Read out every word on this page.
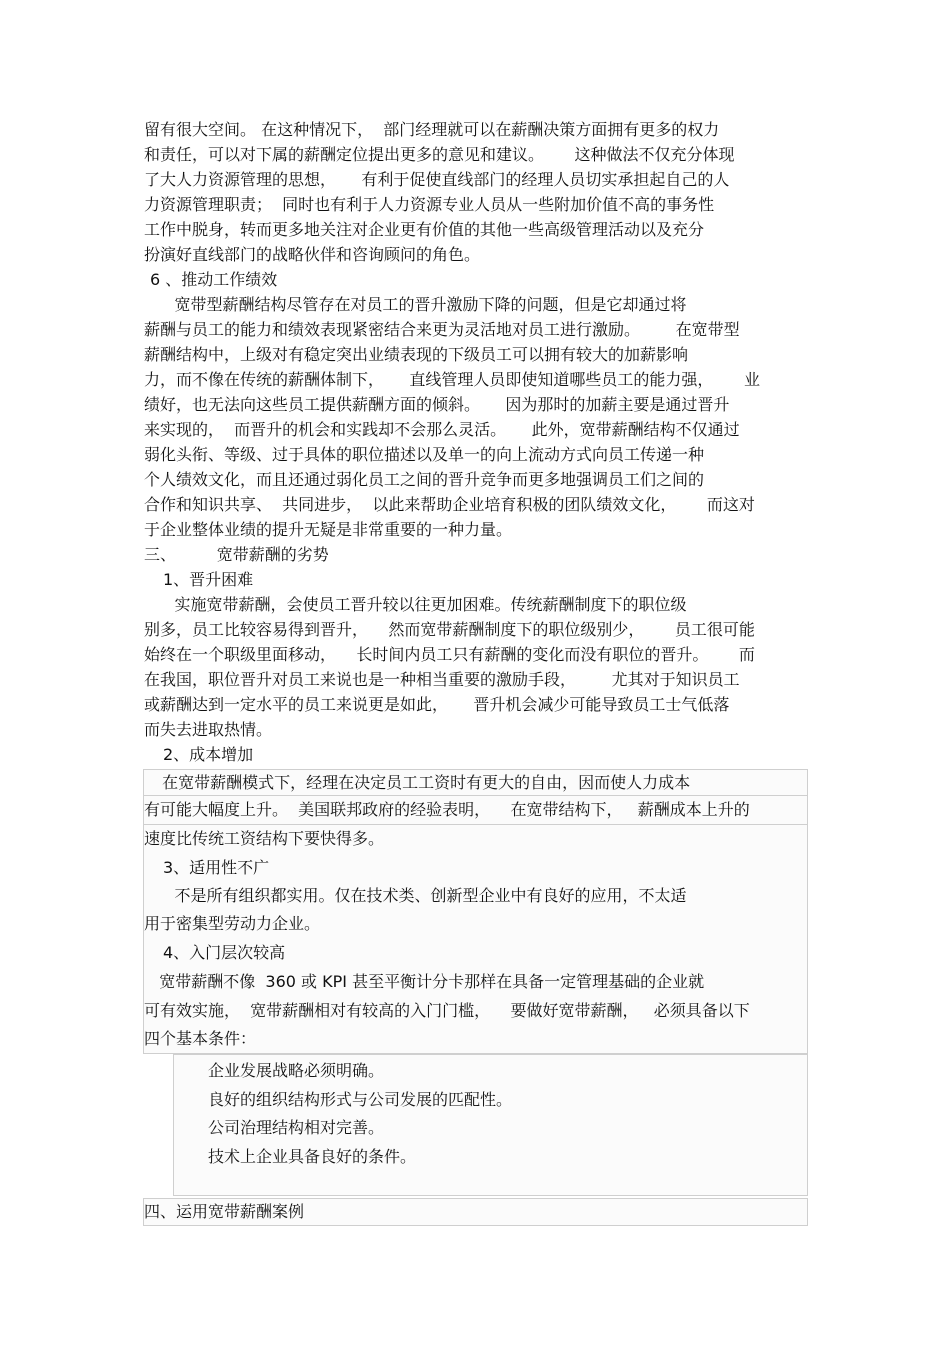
留有很大空间。 在这种情况下，  部门经理就可以在薪酬决策方面拥有更多的权力

和责任，可以对下属的薪酬定位提出更多的意见和建议。      这种做法不仅充分体现

了大人力资源管理的思想，     有利于促使直线部门的经理人员切实承担起自己的人

力资源管理职责；  同时也有利于人力资源专业人员从一些附加价值不高的事务性

工作中脱身，转而更多地关注对企业更有价值的其他一些高级管理活动以及充分

扮演好直线部门的战略伙伴和咨询顾问的角色。

6 、推动工作绩效

宽带型薪酬结构尽管存在对员工的晋升激励下降的问题，但是它却通过将

薪酬与员工的能力和绩效表现紧密结合来更为灵活地对员工进行激励。       在宽带型

薪酬结构中，上级对有稳定突出业绩表现的下级员工可以拥有较大的加薪影响

力，而不像在传统的薪酬体制下，     直线管理人员即使知道哪些员工的能力强，      业

绩好，也无法向这些员工提供薪酬方面的倾斜。     因为那时的加薪主要是通过晋升

来实现的，  而晋升的机会和实践却不会那么灵活。     此外，宽带薪酬结构不仅通过

弱化头衔、等级、过于具体的职位描述以及单一的向上流动方式向员工传递一种

个人绩效文化，而且还通过弱化员工之间的晋升竞争而更多地强调员工们之间的

合作和知识共享、  共同进步，  以此来帮助企业培育积极的团队绩效文化，      而这对

于企业整体业绩的提升无疑是非常重要的一种力量。

三、        宽带薪酬的劣势

1、晋升困难

实施宽带薪酬，会使员工晋升较以往更加困难。传统薪酬制度下的职位级

别多，员工比较容易得到晋升，    然而宽带薪酬制度下的职位级别少，      员工很可能

始终在一个职级里面移动，    长时间内员工只有薪酬的变化而没有职位的晋升。      而

在我国，职位晋升对员工来说也是一种相当重要的激励手段，       尤其对于知识员工

或薪酬达到一定水平的员工来说更是如此，     晋升机会减少可能导致员工士气低落

而失去进取热情。

2、成本增加

在宽带薪酬模式下，经理在决定员工工资时有更大的自由，因而使人力成本

有可能大幅度上升。  美国联邦政府的经验表明，    在宽带结构下，   薪酬成本上升的

速度比传统工资结构下要快得多。

3、适用性不广

不是所有组织都实用。仅在技术类、创新型企业中有良好的应用，不太适

用于密集型劳动力企业。

4、入门层次较高

宽带薪酬不像  360 或 KPI 甚至平衡计分卡那样在具备一定管理基础的企业就

可有效实施，  宽带薪酬相对有较高的入门门槛，    要做好宽带薪酬，   必须具备以下

四个基本条件：

企业发展战略必须明确。

良好的组织结构形式与公司发展的匹配性。

公司治理结构相对完善。

技术上企业具备良好的条件。

四、运用宽带薪酬案例
